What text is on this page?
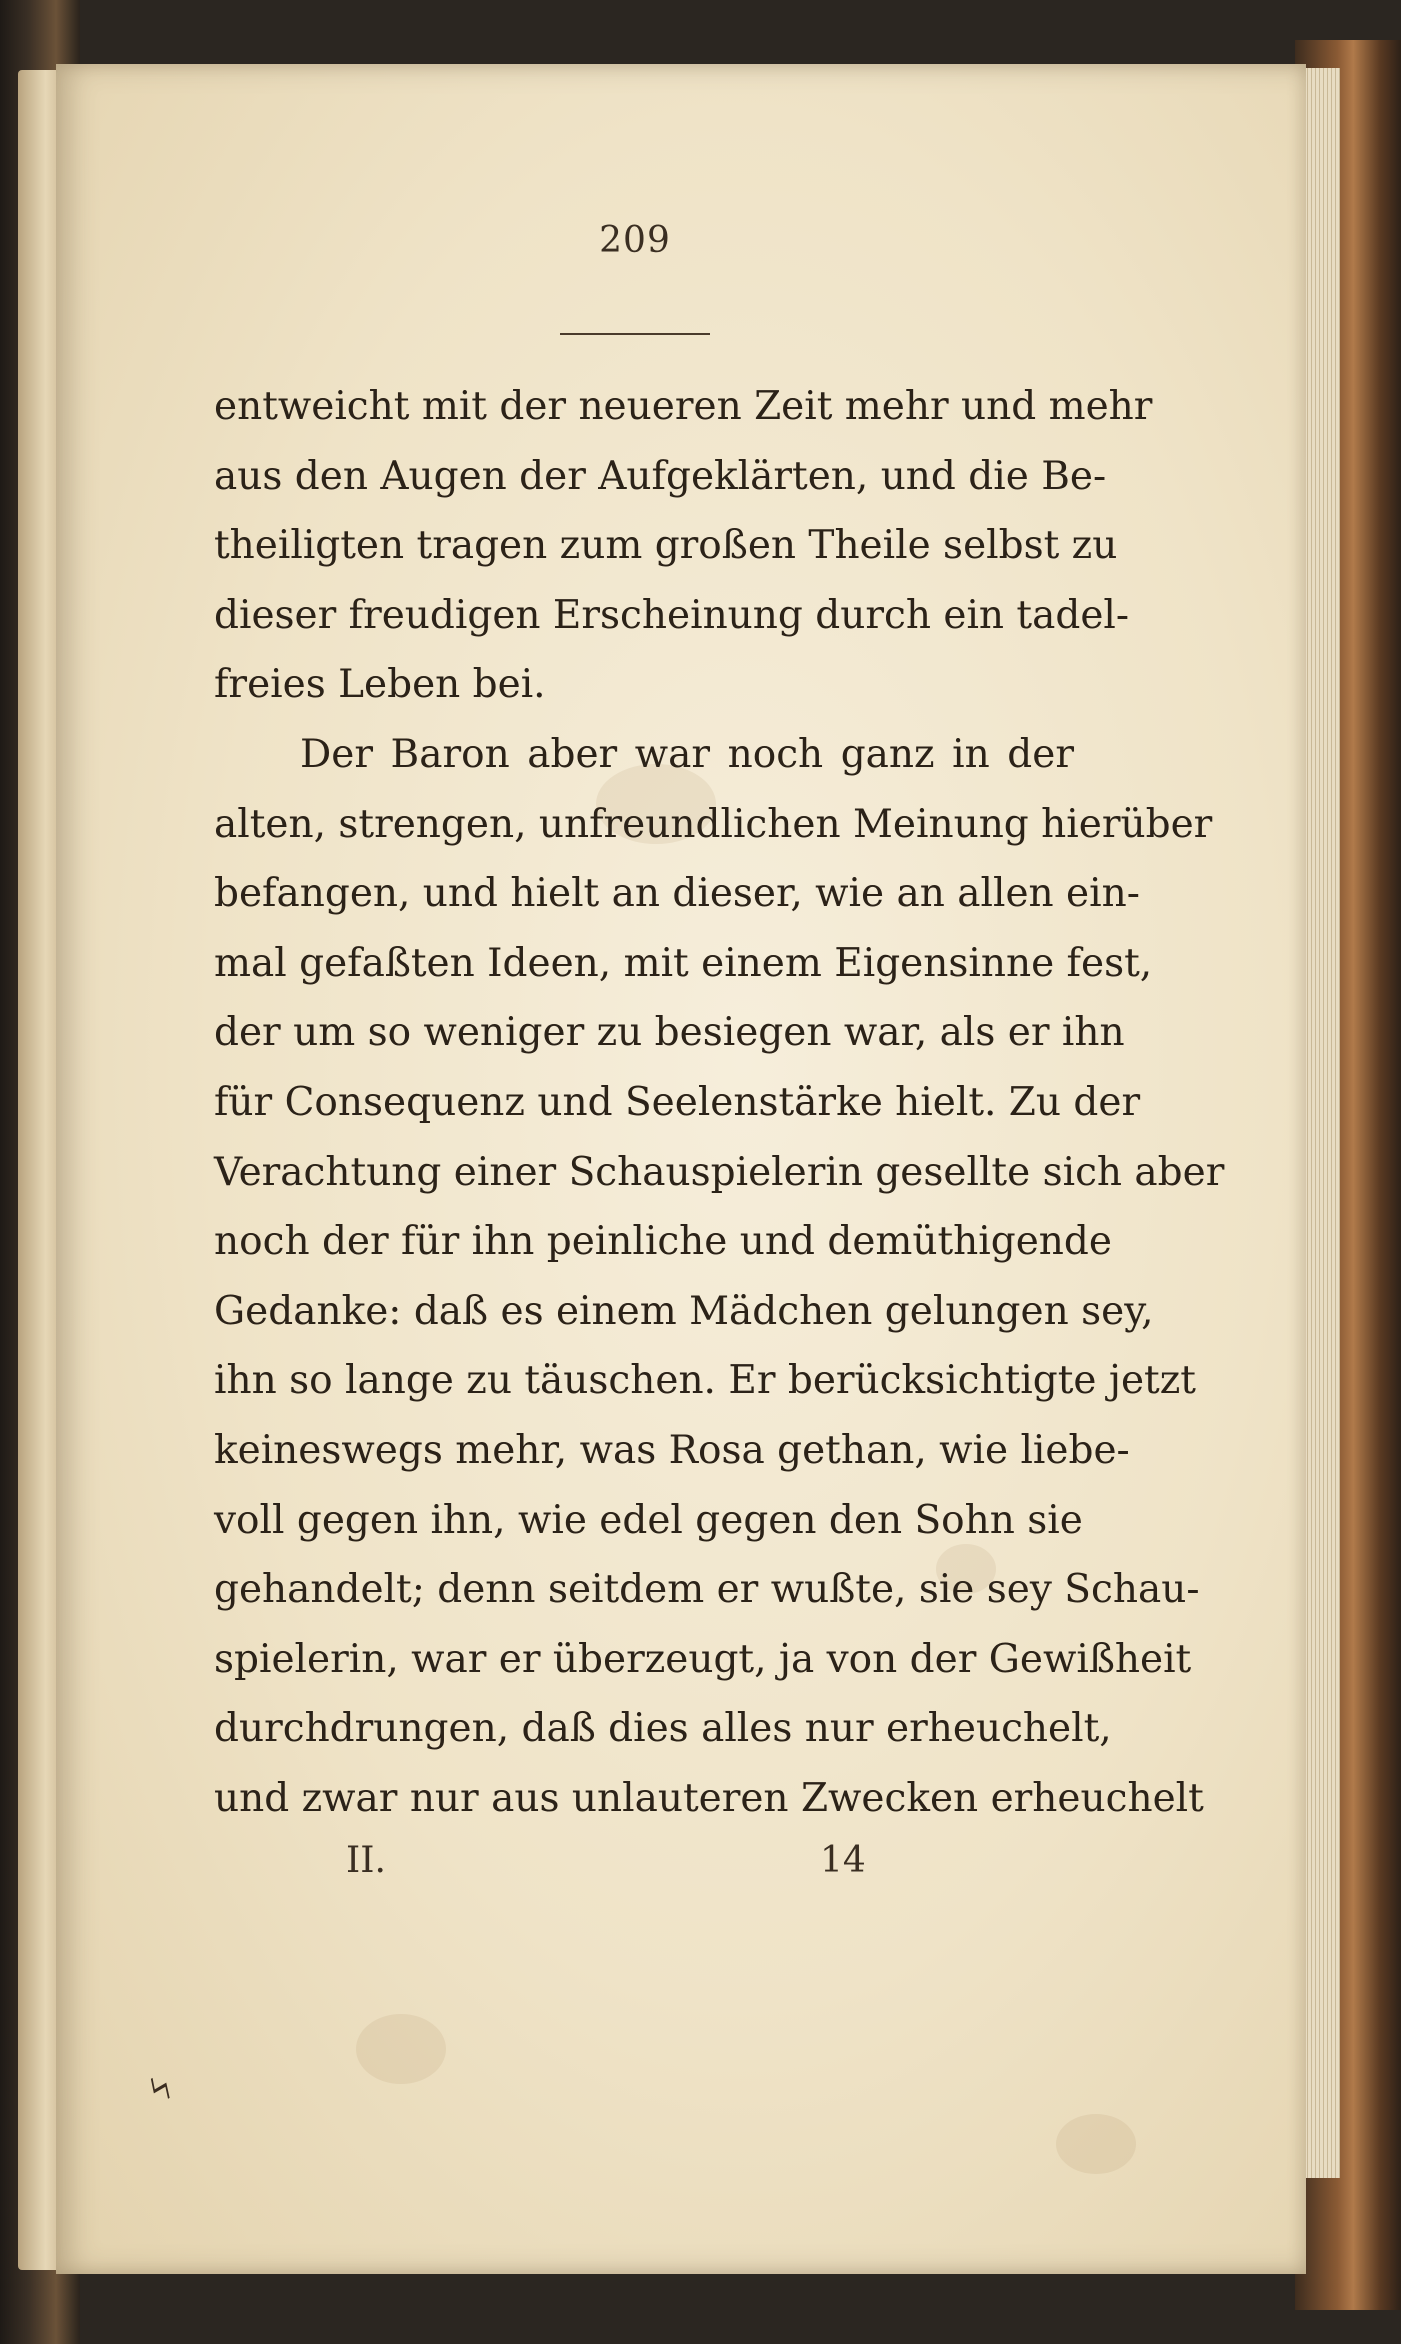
209
entweicht mit der neueren Zeit mehr und mehr
aus den Augen der Aufgeklärten, und die Be-
theiligten tragen zum großen Theile selbst zu
dieser freudigen Erscheinung durch ein tadel-
freies Leben bei.
Der Baron aber war noch ganz in der
alten, strengen, unfreundlichen Meinung hierüber
befangen, und hielt an dieser, wie an allen ein-
mal gefaßten Ideen, mit einem Eigensinne fest,
der um so weniger zu besiegen war, als er ihn
für Consequenz und Seelenstärke hielt. Zu der
Verachtung einer Schauspielerin gesellte sich aber
noch der für ihn peinliche und demüthigende
Gedanke: daß es einem Mädchen gelungen sey,
ihn so lange zu täuschen. Er berücksichtigte jetzt
keineswegs mehr, was Rosa gethan, wie liebe-
voll gegen ihn, wie edel gegen den Sohn sie
gehandelt; denn seitdem er wußte, sie sey Schau-
spielerin, war er überzeugt, ja von der Gewißheit
durchdrungen, daß dies alles nur erheuchelt,
und zwar nur aus unlauteren Zwecken erheuchelt
II.	14
ϟ
